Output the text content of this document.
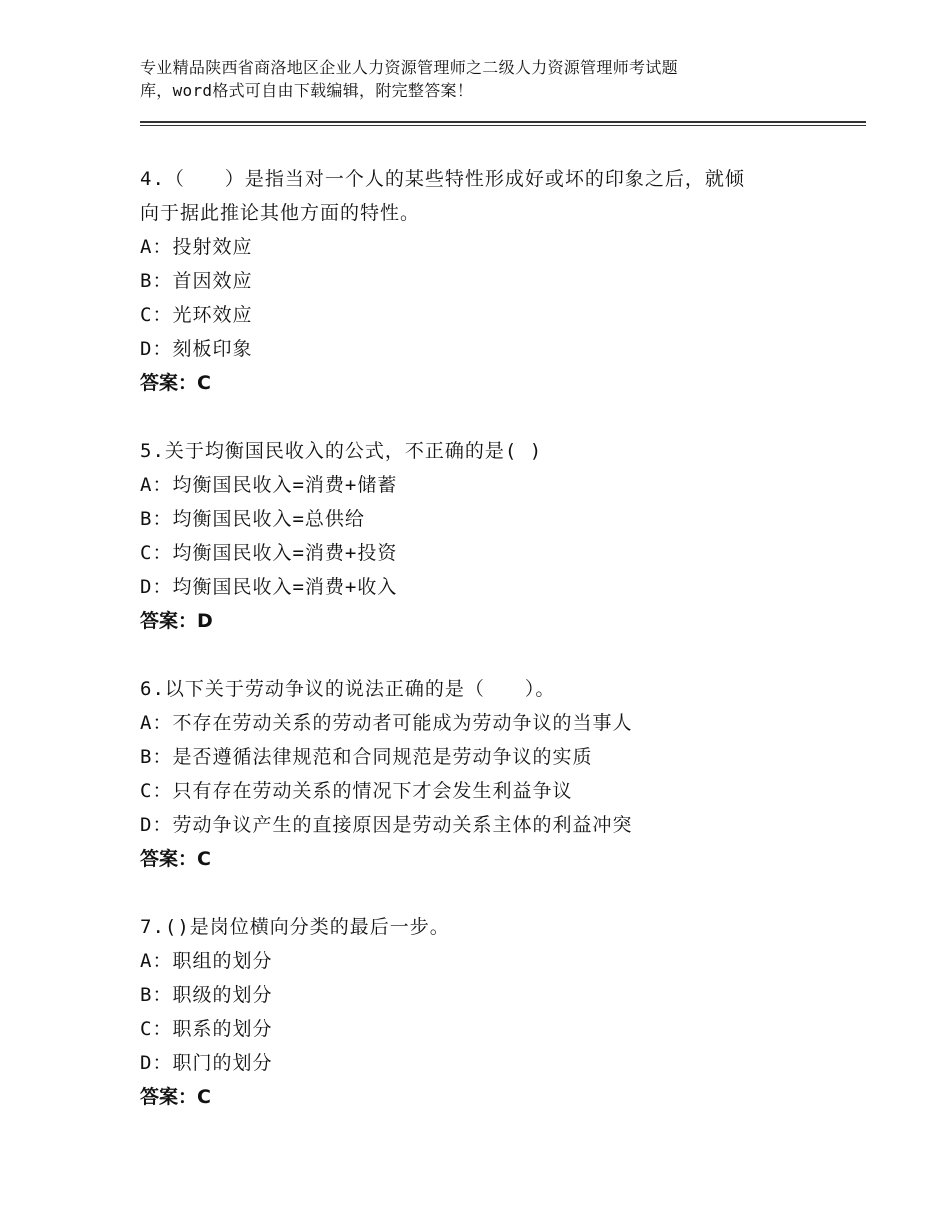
专业精品陕西省商洛地区企业人力资源管理师之二级人力资源管理师考试题
库，word格式可自由下载编辑，附完整答案！
4.（　　）是指当对一个人的某些特性形成好或坏的印象之后，就倾
向于据此推论其他方面的特性。
A：投射效应
B：首因效应
C：光环效应
D：刻板印象
答案：C
5.关于均衡国民收入的公式，不正确的是( )
A：均衡国民收入=消费+储蓄
B：均衡国民收入=总供给
C：均衡国民收入=消费+投资
D：均衡国民收入=消费+收入
答案：D
6.以下关于劳动争议的说法正确的是（　　）。
A：不存在劳动关系的劳动者可能成为劳动争议的当事人
B：是否遵循法律规范和合同规范是劳动争议的实质
C：只有存在劳动关系的情况下才会发生利益争议
D：劳动争议产生的直接原因是劳动关系主体的利益冲突
答案：C
7.()是岗位横向分类的最后一步。
A：职组的划分
B：职级的划分
C：职系的划分
D：职门的划分
答案：C
